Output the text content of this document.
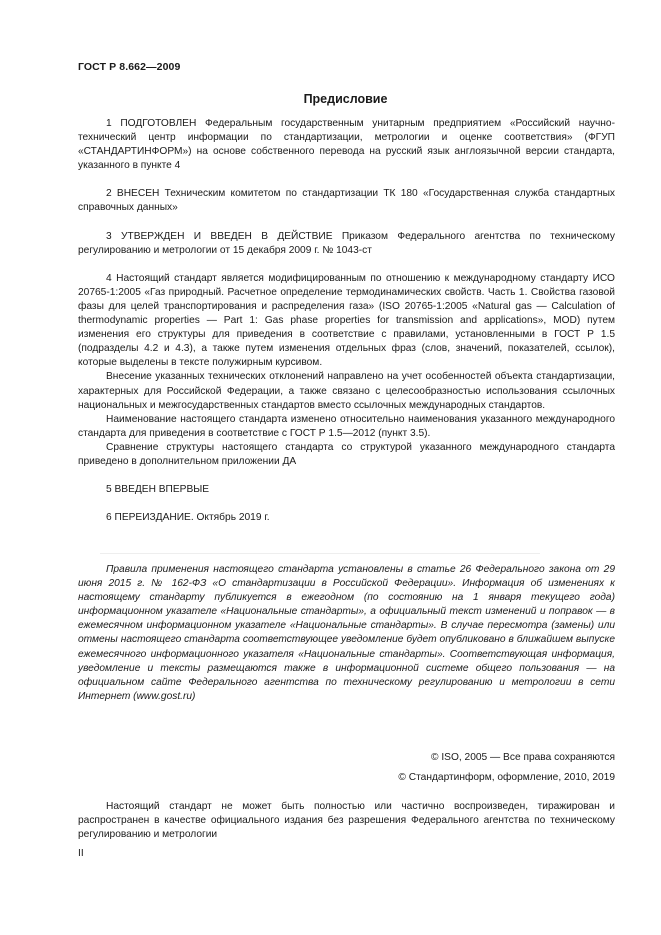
ГОСТ Р 8.662—2009
Предисловие

1 ПОДГОТОВЛЕН Федеральным государственным унитарным предприятием «Российский научно-технический центр информации по стандартизации, метрологии и оценке соответствия» (ФГУП «СТАНДАРТИНФОРМ») на основе собственного перевода на русский язык англоязычной версии стандарта, указанного в пункте 4

2 ВНЕСЕН Техническим комитетом по стандартизации ТК 180 «Государственная служба стандартных справочных данных»

3 УТВЕРЖДЕН И ВВЕДЕН В ДЕЙСТВИЕ Приказом Федерального агентства по техническому регулированию и метрологии от 15 декабря 2009 г. № 1043-ст

4 Настоящий стандарт является модифицированным по отношению к международному стандарту ИСО 20765-1:2005 «Газ природный. Расчетное определение термодинамических свойств. Часть 1. Свойства газовой фазы для целей транспортирования и распределения газа» (ISO 20765-1:2005 «Natural gas — Calculation of thermodynamic properties — Part 1: Gas phase properties for transmission and applications», MOD) путем изменения его структуры для приведения в соответствие с правилами, установленными в ГОСТ Р 1.5 (подразделы 4.2 и 4.3), а также путем изменения отдельных фраз (слов, значений, показателей, ссылок), которые выделены в тексте полужирным курсивом.

Внесение указанных технических отклонений направлено на учет особенностей объекта стандартизации, характерных для Российской Федерации, а также связано с целесообразностью использования ссылочных национальных и межгосударственных стандартов вместо ссылочных международных стандартов.

Наименование настоящего стандарта изменено относительно наименования указанного международного стандарта для приведения в соответствие с ГОСТ Р 1.5—2012 (пункт 3.5).

Сравнение структуры настоящего стандарта со структурой указанного международного стандарта приведено в дополнительном приложении ДА

5 ВВЕДЕН ВПЕРВЫЕ

6 ПЕРЕИЗДАНИЕ. Октябрь 2019 г.

Правила применения настоящего стандарта установлены в статье 26 Федерального закона от 29 июня 2015 г. № 162-ФЗ «О стандартизации в Российской Федерации». Информация об изменениях к настоящему стандарту публикуется в ежегодном (по состоянию на 1 января текущего года) информационном указателе «Национальные стандарты», а официальный текст изменений и поправок — в ежемесячном информационном указателе «Национальные стандарты». В случае пересмотра (замены) или отмены настоящего стандарта соответствующее уведомление будет опубликовано в ближайшем выпуске ежемесячного информационного указателя «Национальные стандарты». Соответствующая информация, уведомление и тексты размещаются также в информационной системе общего пользования — на официальном сайте Федерального агентства по техническому регулированию и метрологии в сети Интернет (www.gost.ru)

© ISO, 2005 — Все права сохраняются
© Стандартинформ, оформление, 2010, 2019

Настоящий стандарт не может быть полностью или частично воспроизведен, тиражирован и распространен в качестве официального издания без разрешения Федерального агентства по техническому регулированию и метрологии

II
